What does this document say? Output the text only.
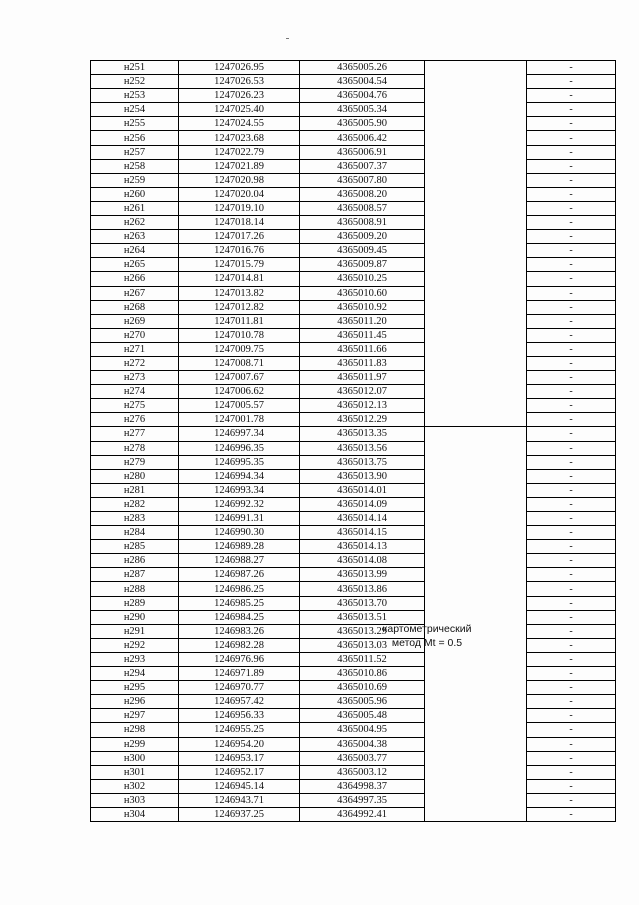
н251	1247026.95	4365005.26		-
н252	1247026.53	4365004.54		-
н253	1247026.23	4365004.76		-
н254	1247025.40	4365005.34		-
н255	1247024.55	4365005.90		-
н256	1247023.68	4365006.42		-
н257	1247022.79	4365006.91		-
н258	1247021.89	4365007.37		-
н259	1247020.98	4365007.80		-
н260	1247020.04	4365008.20		-
н261	1247019.10	4365008.57		-
н262	1247018.14	4365008.91		-
н263	1247017.26	4365009.20		-
н264	1247016.76	4365009.45		-
н265	1247015.79	4365009.87		-
н266	1247014.81	4365010.25		-
н267	1247013.82	4365010.60		-
н268	1247012.82	4365010.92		-
н269	1247011.81	4365011.20		-
н270	1247010.78	4365011.45		-
н271	1247009.75	4365011.66		-
н272	1247008.71	4365011.83		-
н273	1247007.67	4365011.97		-
н274	1247006.62	4365012.07		-
н275	1247005.57	4365012.13		-
н276	1247001.78	4365012.29		-
н277	1246997.34	4365013.35		-
н278	1246996.35	4365013.56		-
н279	1246995.35	4365013.75		-
н280	1246994.34	4365013.90		-
н281	1246993.34	4365014.01		-
н282	1246992.32	4365014.09		-
н283	1246991.31	4365014.14		-
н284	1246990.30	4365014.15		-
н285	1246989.28	4365014.13		-
н286	1246988.27	4365014.08		-
н287	1246987.26	4365013.99		-
н288	1246986.25	4365013.86		-
н289	1246985.25	4365013.70		-
н290	1246984.25	4365013.51		-
н291	1246983.26	4365013.29		-
н292	1246982.28	4365013.03		-
н293	1246976.96	4365011.52		-
н294	1246971.89	4365010.86		-
н295	1246970.77	4365010.69		-
н296	1246957.42	4365005.96		-
н297	1246956.33	4365005.48		-
н298	1246955.25	4365004.95		-
н299	1246954.20	4365004.38		-
н300	1246953.17	4365003.77		-
н301	1246952.17	4365003.12		-
н302	1246945.14	4364998.37		-
н303	1246943.71	4364997.35		-
н304	1246937.25	4364992.41		-
картометрический
метод Mt = 0.5
